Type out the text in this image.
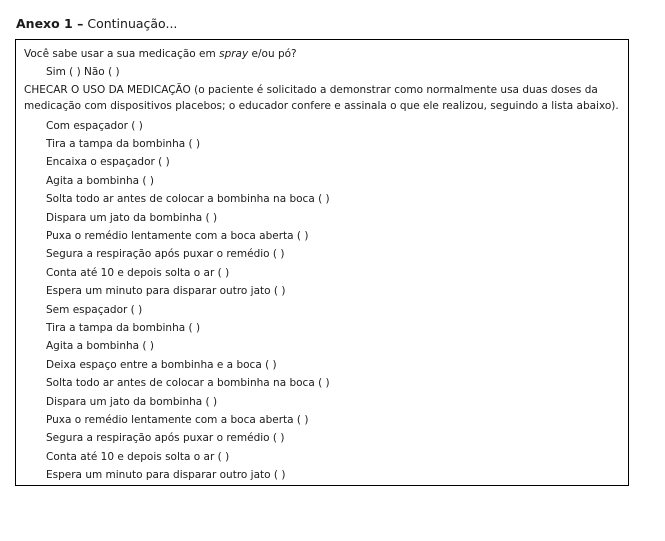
Anexo 1 – Continuação...
Você sabe usar a sua medicação em spray e/ou pó?
Sim ( ) Não ( )
CHECAR O USO DA MEDICAÇÃO (o paciente é solicitado a demonstrar como normalmente usa duas doses da
medicação com dispositivos placebos; o educador confere e assinala o que ele realizou, seguindo a lista abaixo).
Com espaçador ( )
Tira a tampa da bombinha ( )
Encaixa o espaçador ( )
Agita a bombinha ( )
Solta todo ar antes de colocar a bombinha na boca ( )
Dispara um jato da bombinha ( )
Puxa o remédio lentamente com a boca aberta ( )
Segura a respiração após puxar o remédio ( )
Conta até 10 e depois solta o ar ( )
Espera um minuto para disparar outro jato ( )
Sem espaçador ( )
Tira a tampa da bombinha ( )
Agita a bombinha ( )
Deixa espaço entre a bombinha e a boca ( )
Solta todo ar antes de colocar a bombinha na boca ( )
Dispara um jato da bombinha ( )
Puxa o remédio lentamente com a boca aberta ( )
Segura a respiração após puxar o remédio ( )
Conta até 10 e depois solta o ar ( )
Espera um minuto para disparar outro jato ( )
